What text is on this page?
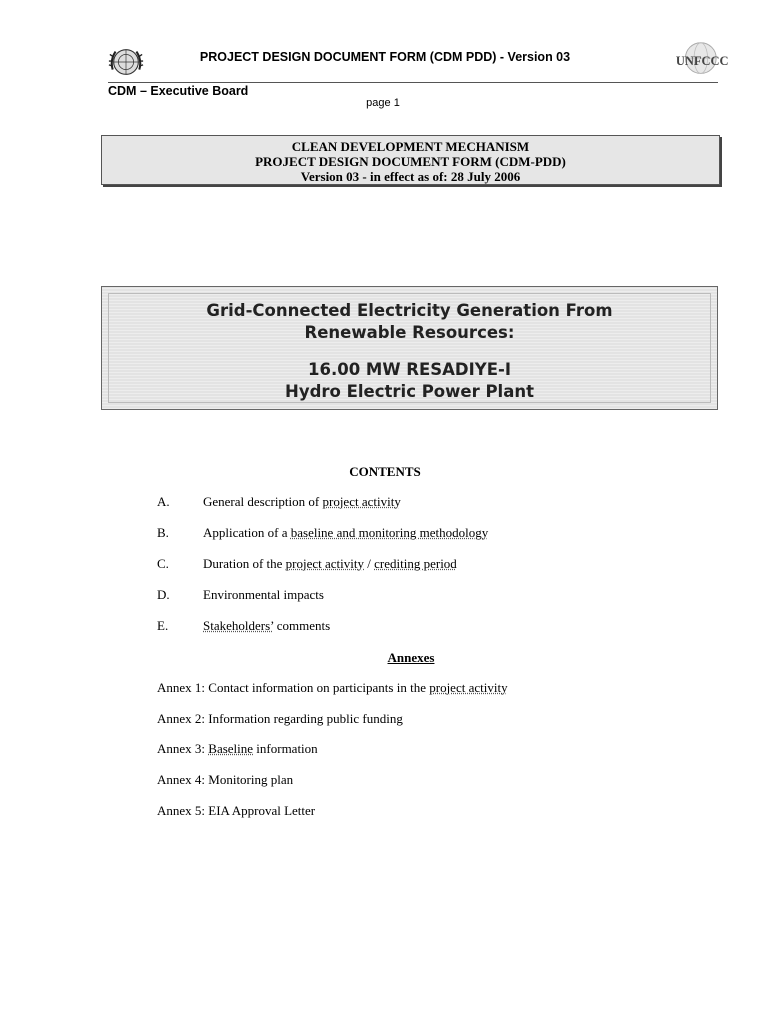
PROJECT DESIGN DOCUMENT FORM (CDM PDD) - Version 03	UNFCCC
CDM – Executive Board
page 1
CLEAN DEVELOPMENT MECHANISM
PROJECT DESIGN DOCUMENT FORM (CDM-PDD)
Version 03 - in effect as of: 28 July 2006
Grid-Connected Electricity Generation From
Renewable Resources:
16.00 MW RESADIYE-I
Hydro Electric Power Plant
CONTENTS
A.	General description of project activity
B.	Application of a baseline and monitoring methodology
C.	Duration of the project activity / crediting period
D.	Environmental impacts
E.	Stakeholders’ comments
Annexes
Annex 1: Contact information on participants in the project activity
Annex 2: Information regarding public funding
Annex 3: Baseline information
Annex 4: Monitoring plan
Annex 5: EIA Approval Letter
